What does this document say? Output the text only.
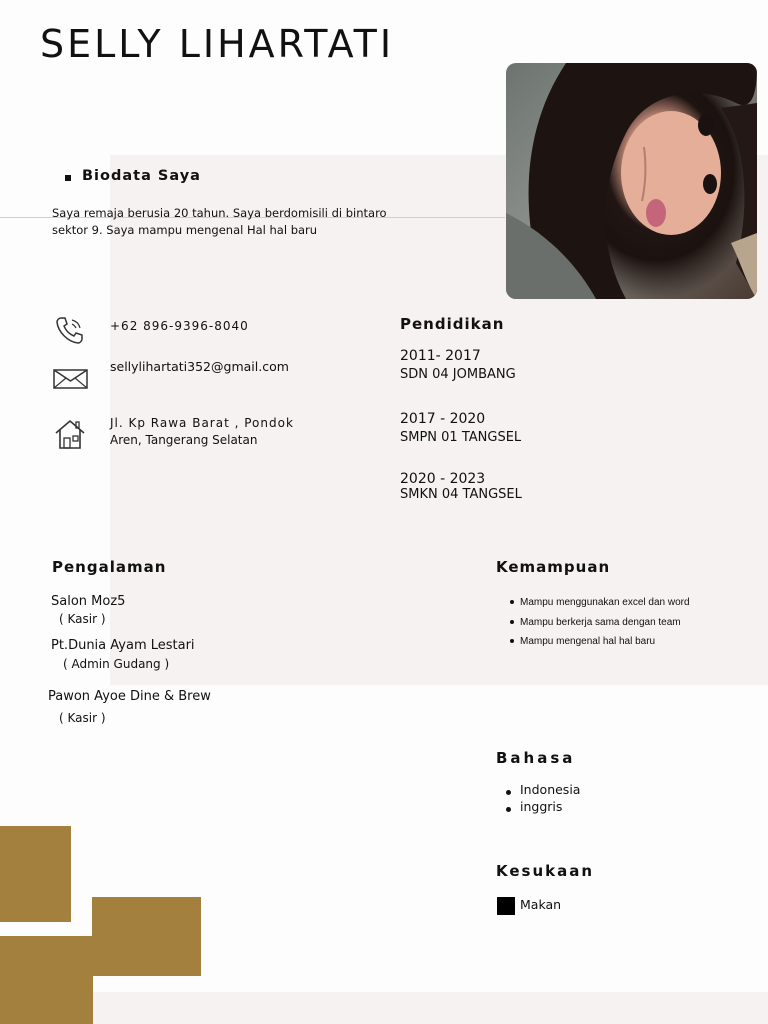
SELLY LIHARTATI
Biodata Saya
Saya remaja berusia 20 tahun. Saya berdomisili di bintaro
sektor 9. Saya mampu mengenal Hal hal baru
+62 896-9396-8040
sellylihartati352@gmail.com
Jl. Kp Rawa Barat , Pondok
Aren, Tangerang Selatan
Pendidikan
2011- 2017
SDN 04 JOMBANG
2017 - 2020
SMPN 01 TANGSEL
2020 - 2023
SMKN 04 TANGSEL
Pengalaman
Salon Moz5
( Kasir )
Pt.Dunia Ayam Lestari
( Admin Gudang )
Pawon Ayoe Dine & Brew
( Kasir )
Kemampuan
Mampu menggunakan excel dan word
Mampu berkerja sama dengan team
Mampu mengenal hal hal baru
Bahasa
Indonesia
inggris
Kesukaan
Makan
